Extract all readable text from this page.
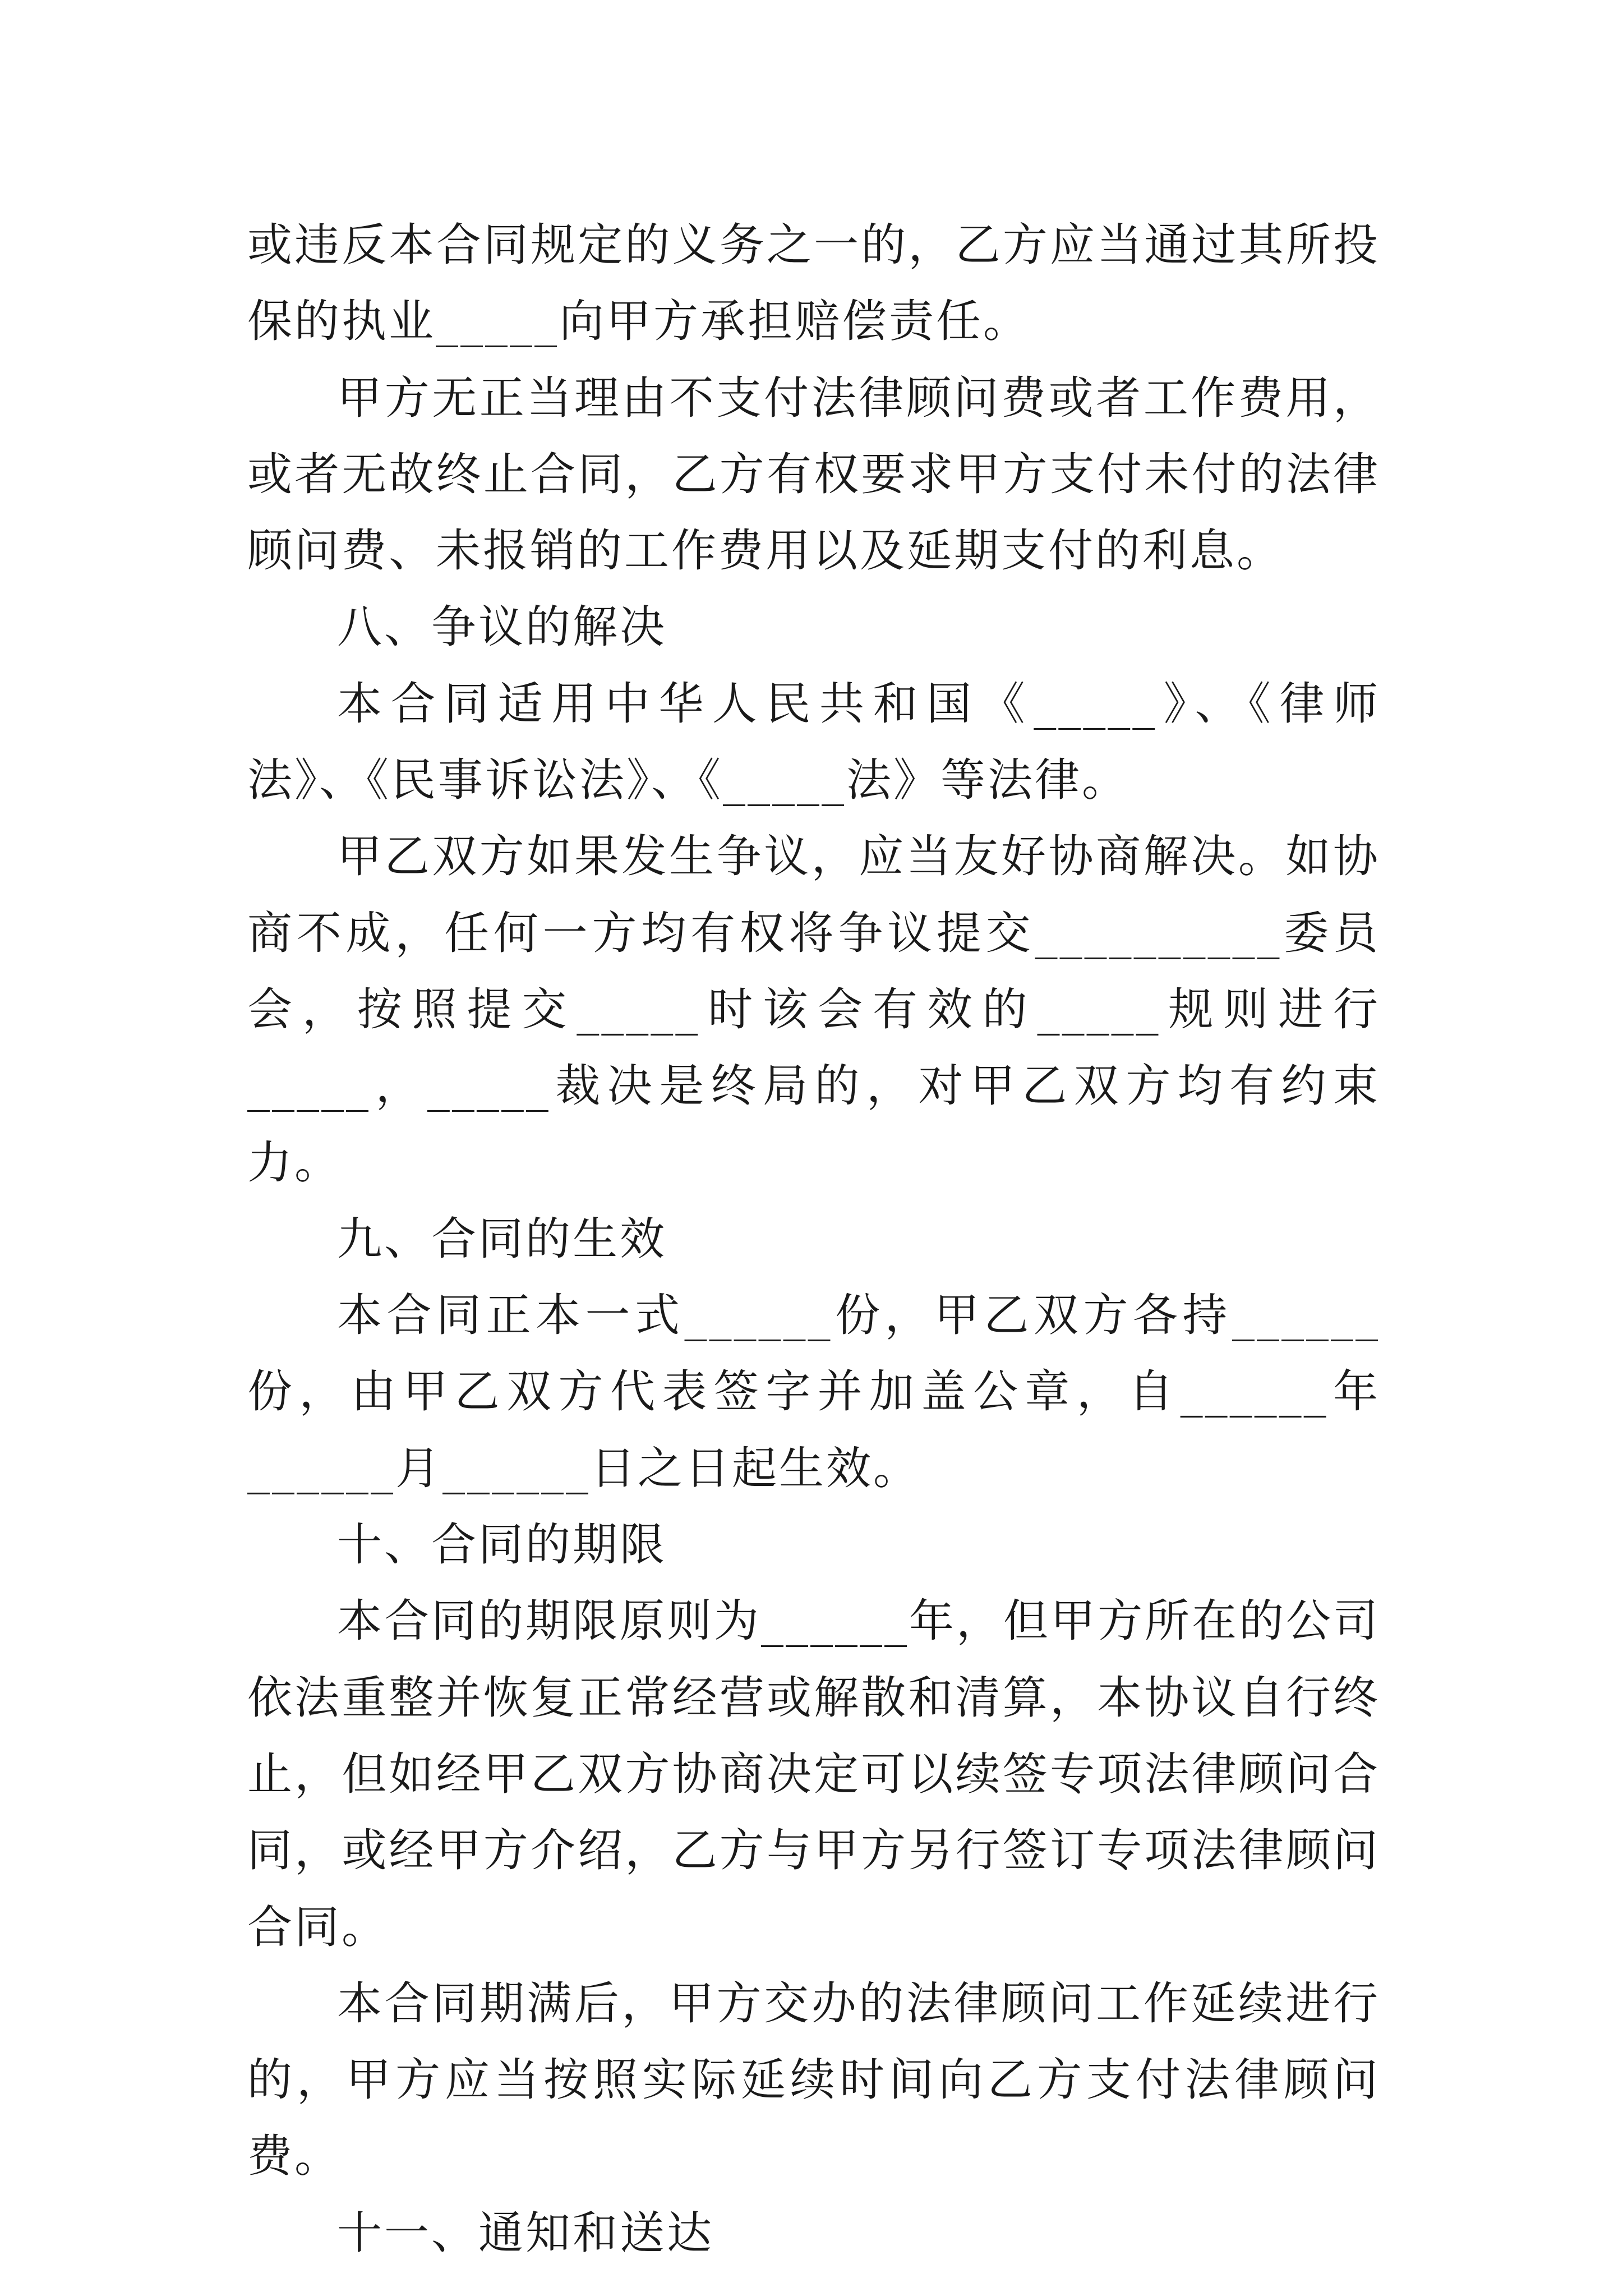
或违反本合同规定的义务之一的，乙方应当通过其所投保的执业_____向甲方承担赔偿责任。

甲方无正当理由不支付法律顾问费或者工作费用，或者无故终止合同，乙方有权要求甲方支付未付的法律顾问费、未报销的工作费用以及延期支付的利息。

八、争议的解决

本合同适用中华人民共和国《_____》、《律师法》、《民事诉讼法》、《_____法》等法律。

甲乙双方如果发生争议，应当友好协商解决。如协商不成，任何一方均有权将争议提交__________委员会，按照提交_____时该会有效的_____规则进行_____，_____裁决是终局的，对甲乙双方均有约束力。

九、合同的生效

本合同正本一式______份，甲乙双方各持______份，由甲乙双方代表签字并加盖公章，自______年______月______日之日起生效。

十、合同的期限

本合同的期限原则为______年，但甲方所在的公司依法重整并恢复正常经营或解散和清算，本协议自行终止，但如经甲乙双方协商决定可以续签专项法律顾问合同，或经甲方介绍，乙方与甲方另行签订专项法律顾问合同。

本合同期满后，甲方交办的法律顾问工作延续进行的，甲方应当按照实际延续时间向乙方支付法律顾问费。

十一、通知和送达
